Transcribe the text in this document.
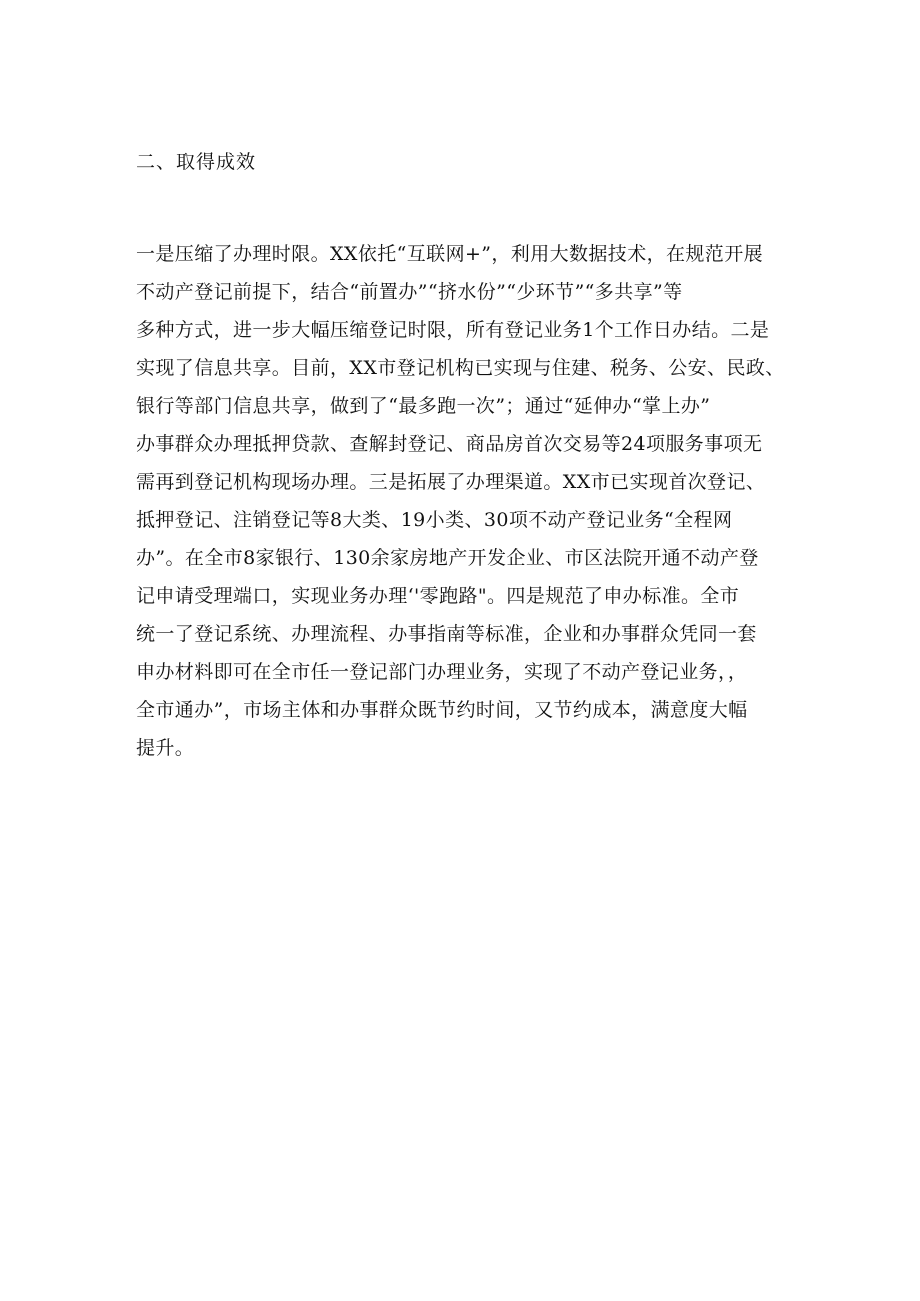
二、取得成效
一是压缩了办理时限。XX依托“互联网+”，利用大数据技术，在规范开展
不动产登记前提下，结合“前置办”“挤水份”“少环节”“多共享”等
多种方式，进一步大幅压缩登记时限，所有登记业务1个工作日办结。二是
实现了信息共享。目前，XX市登记机构已实现与住建、税务、公安、民政、
银行等部门信息共享，做到了“最多跑一次”；通过“延伸办“掌上办”
办事群众办理抵押贷款、查解封登记、商品房首次交易等24项服务事项无
需再到登记机构现场办理。三是拓展了办理渠道。XX市已实现首次登记、
抵押登记、注销登记等8大类、19小类、30项不动产登记业务“全程网
办”。在全市8家银行、130余家房地产开发企业、市区法院开通不动产登
记申请受理端口，实现业务办理‘'零跑路"。四是规范了申办标准。全市
统一了登记系统、办理流程、办事指南等标准，企业和办事群众凭同一套
申办材料即可在全市任一登记部门办理业务，实现了不动产登记业务，，
全市通办”，市场主体和办事群众既节约时间，又节约成本，满意度大幅
提升。
